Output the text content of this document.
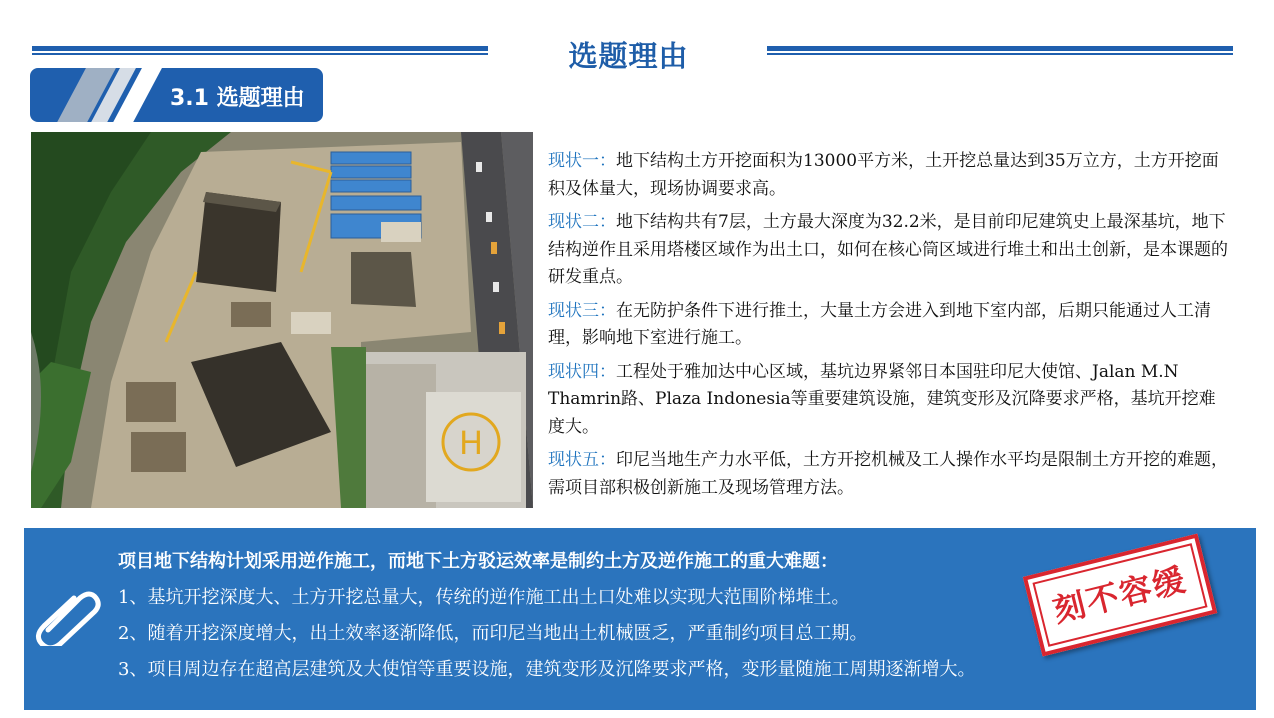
选题理由
3.1 选题理由
H

现状一：地下结构土方开挖面积为13000平方米，土开挖总量达到35万立方，土方开挖面积及体量大，现场协调要求高。

现状二：地下结构共有7层，土方最大深度为32.2米，是目前印尼建筑史上最深基坑，地下结构逆作且采用塔楼区域作为出土口，如何在核心筒区域进行堆土和出土创新，是本课题的研发重点。

现状三：在无防护条件下进行推土，大量土方会进入到地下室内部，后期只能通过人工清理，影响地下室进行施工。

现状四：工程处于雅加达中心区域，基坑边界紧邻日本国驻印尼大使馆、Jalan M.N Thamrin路、Plaza Indonesia等重要建筑设施，建筑变形及沉降要求严格，基坑开挖难度大。

现状五：印尼当地生产力水平低，土方开挖机械及工人操作水平均是限制土方开挖的难题，需项目部积极创新施工及现场管理方法。

项目地下结构计划采用逆作施工，而地下土方驳运效率是制约土方及逆作施工的重大难题：
1、基坑开挖深度大、土方开挖总量大，传统的逆作施工出土口处难以实现大范围阶梯堆土。
2、随着开挖深度增大，出土效率逐渐降低，而印尼当地出土机械匮乏，严重制约项目总工期。
3、项目周边存在超高层建筑及大使馆等重要设施，建筑变形及沉降要求严格，变形量随施工周期逐渐增大。
刻不容缓
